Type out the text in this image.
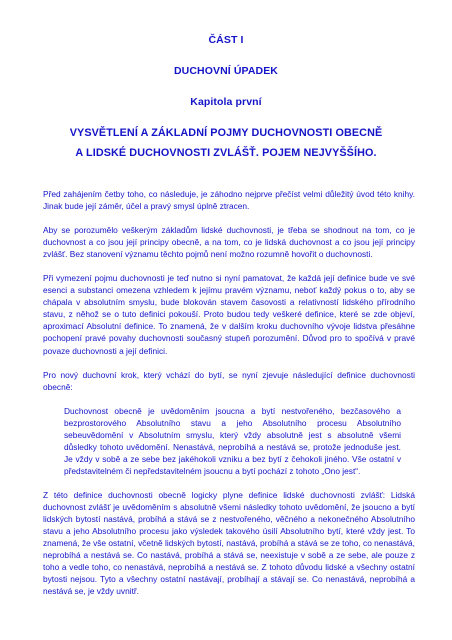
ČÁST I
DUCHOVNÍ ÚPADEK
Kapitola první
VYSVĚTLENÍ A ZÁKLADNÍ POJMY DUCHOVNOSTI OBECNĚ
A LIDSKÉ DUCHOVNOSTI ZVLÁŠŤ. POJEM NEJVYŠŠÍHO.

Před zahájením četby toho, co následuje, je záhodno nejprve přečíst velmi důležitý úvod této knihy. Jinak bude její záměr, účel a pravý smysl úplně ztracen.

Aby se porozumělo veškerým základům lidské duchovnosti, je třeba se shodnout na tom, co je duchovnost a co jsou její principy obecně, a na tom, co je lidská duchovnost a co jsou její principy zvlášť. Bez stanovení významu těchto pojmů není možno rozumně hovořit o duchovnosti.

Při vymezení pojmu duchovnosti je teď nutno si nyní pamatovat, že každá její definice bude ve své esenci a substanci omezena vzhledem k jejímu pravém významu, neboť každý pokus o to, aby se chápala v absolutním smyslu, bude blokován stavem časovosti a relativností lidského přírodního stavu, z něhož se o tuto definici pokouší. Proto budou tedy veškeré definice, které se zde objeví, aproximací Absolutní definice. To znamená, že v dalším kroku duchovního vývoje lidstva přesáhne pochopení pravé povahy duchovnosti současný stupeň porozumění. Důvod pro to spočívá v pravé povaze duchovnosti a její definici.

Pro nový duchovní krok, který vchází do bytí, se nyní zjevuje následující definice duchovnosti obecně:

Duchovnost obecně je uvědoměním jsoucna a bytí nestvořeného, bezčasového a bezprostorového Absolutního stavu a jeho Absolutního procesu Absolutního sebeuvědomění v Absolutním smyslu, který vždy absolutně jest s absolutně všemi důsledky tohoto uvědomění. Nenastává, neprobíhá a nestává se, protože jednoduše jest. Je vždy v sobě a ze sebe bez jakéhokoli vzniku a bez bytí z čehokoli jiného. Vše ostatní v představitelném či nepředstavitelném jsoucnu a bytí pochází z tohoto „Ono jest“.

Z této definice duchovnosti obecně logicky plyne definice lidské duchovnosti zvlášť: Lidská duchovnost zvlášť je uvědoměním s absolutně všemi následky tohoto uvědomění, že jsoucno a bytí lidských bytostí nastává, probíhá a stává se z nestvořeného, věčného a nekonečného Absolutního stavu a jeho Absolutního procesu jako výsledek takového úsilí Absolutního bytí, které vždy jest. To znamená, že vše ostatní, včetně lidských bytostí, nastává, probíhá a stává se ze toho, co nenastává, neprobíhá a nestává se. Co nastává, probíhá a stává se, neexistuje v sobě a ze sebe, ale pouze z toho a vedle toho, co nenastává, neprobíhá a nestává se. Z tohoto důvodu lidské a všechny ostatní bytosti nejsou. Tyto a všechny ostatní nastávají, probíhají a stávají se. Co nenastává, neprobíhá a nestává se, je vždy uvnitř.
